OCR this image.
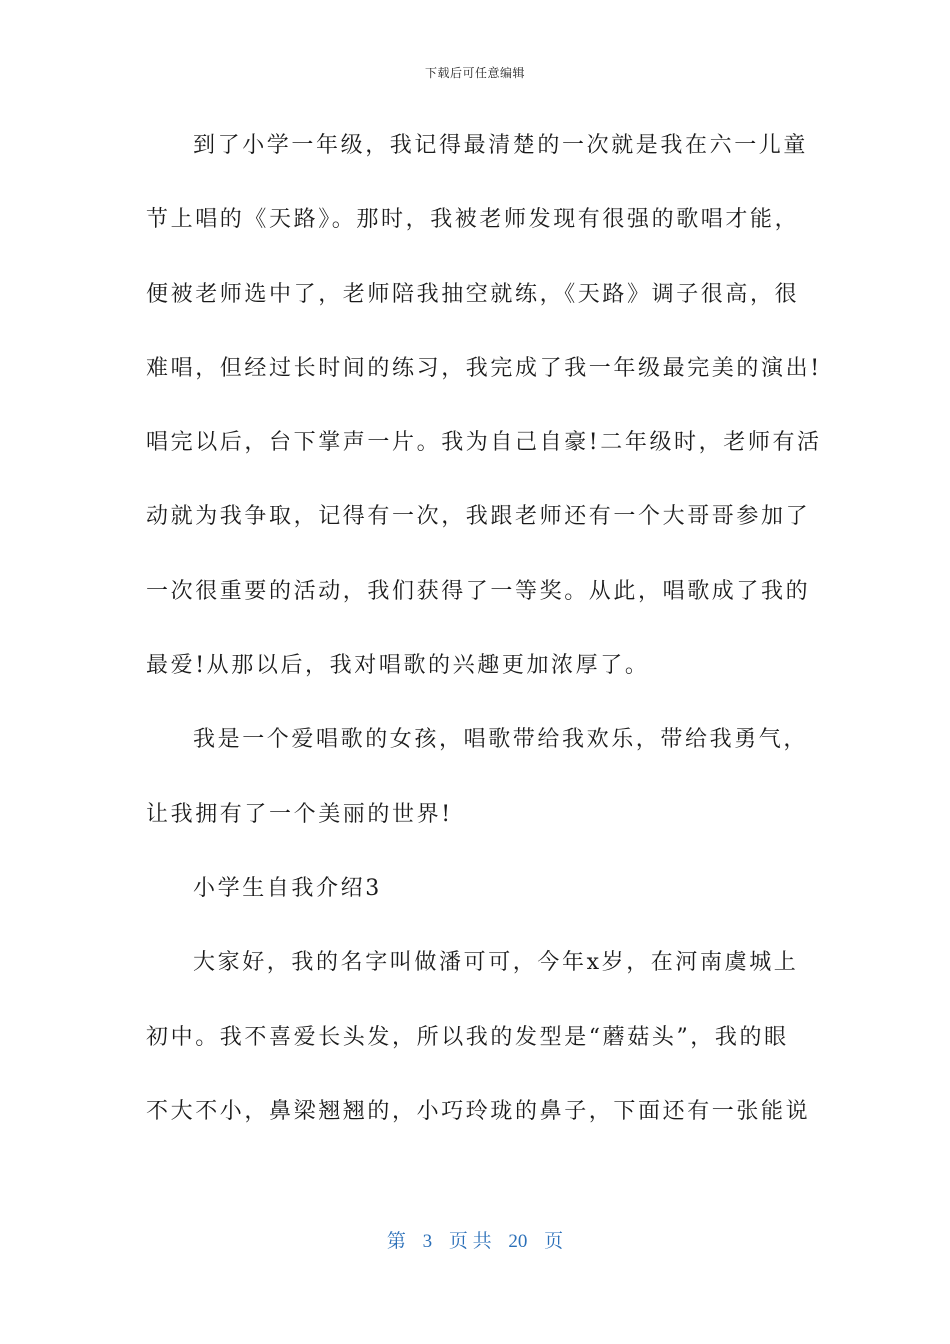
下载后可任意编辑
到了小学一年级，我记得最清楚的一次就是我在六一儿童
节上唱的《天路》。那时，我被老师发现有很强的歌唱才能，
便被老师选中了，老师陪我抽空就练，《天路》调子很高，很
难唱，但经过长时间的练习，我完成了我一年级最完美的演出!
唱完以后，台下掌声一片。我为自己自豪!二年级时，老师有活
动就为我争取，记得有一次，我跟老师还有一个大哥哥参加了
一次很重要的活动，我们获得了一等奖。从此，唱歌成了我的
最爱!从那以后，我对唱歌的兴趣更加浓厚了。
我是一个爱唱歌的女孩，唱歌带给我欢乐，带给我勇气，
让我拥有了一个美丽的世界!
小学生自我介绍3
大家好，我的名字叫做潘可可，今年x岁，在河南虞城上
初中。我不喜爱长头发，所以我的发型是“蘑菇头”，我的眼
不大不小，鼻梁翘翘的，小巧玲珑的鼻子，下面还有一张能说
第 3 页 共 20 页
